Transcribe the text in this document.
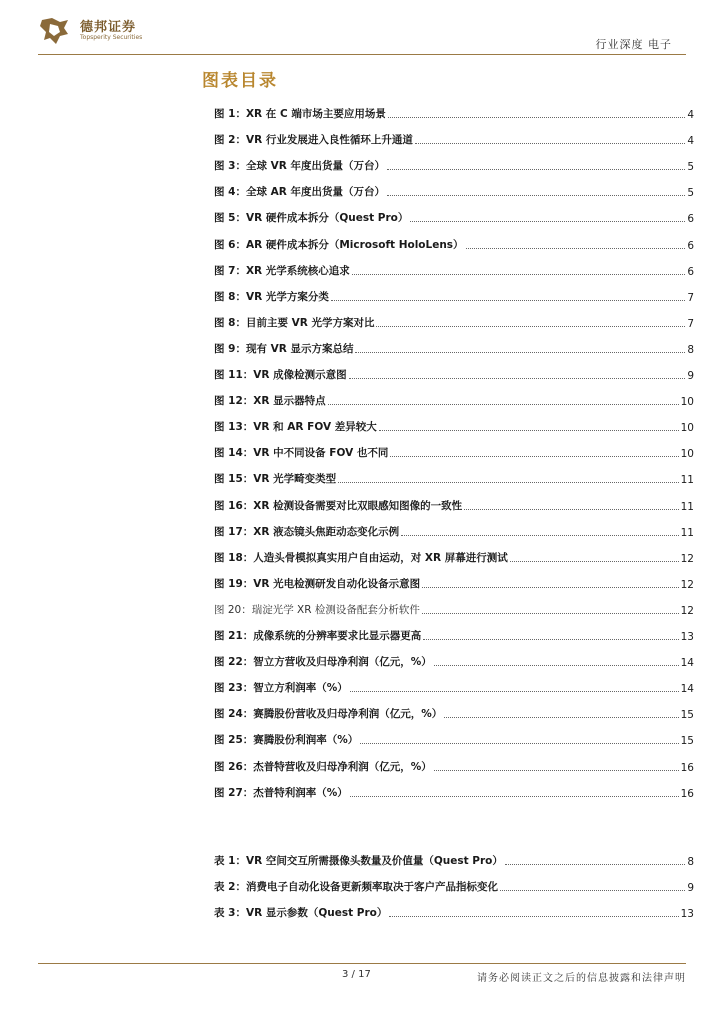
德邦证券
Topsperity Securities
行业深度 电子
图表目录
图 1：XR 在 C 端市场主要应用场景	4
图 2：VR 行业发展进入良性循环上升通道	4
图 3：全球 VR 年度出货量（万台）	5
图 4：全球 AR 年度出货量（万台）	5
图 5：VR 硬件成本拆分（Quest Pro）	6
图 6：AR 硬件成本拆分（Microsoft HoloLens）	6
图 7：XR 光学系统核心追求	6
图 8：VR 光学方案分类	7
图 8：目前主要 VR 光学方案对比	7
图 9：现有 VR 显示方案总结	8
图 11：VR 成像检测示意图	9
图 12：XR 显示器特点	10
图 13：VR 和 AR FOV 差异较大	10
图 14：VR 中不同设备 FOV 也不同	10
图 15：VR 光学畸变类型	11
图 16：XR 检测设备需要对比双眼感知图像的一致性	11
图 17：XR 液态镜头焦距动态变化示例	11
图 18：人造头骨模拟真实用户自由运动，对 XR 屏幕进行测试	12
图 19：VR 光电检测研发自动化设备示意图	12
图 20：瑞淀光学 XR 检测设备配套分析软件	12
图 21：成像系统的分辨率要求比显示器更高	13
图 22：智立方营收及归母净利润（亿元，%）	14
图 23：智立方利润率（%）	14
图 24：赛腾股份营收及归母净利润（亿元，%）	15
图 25：赛腾股份利润率（%）	15
图 26：杰普特营收及归母净利润（亿元，%）	16
图 27：杰普特利润率（%）	16
表 1：VR 空间交互所需摄像头数量及价值量（Quest Pro）	8
表 2：消费电子自动化设备更新频率取决于客户产品指标变化	9
表 3：VR 显示参数（Quest Pro）	13
3 / 17	请务必阅读正文之后的信息披露和法律声明
